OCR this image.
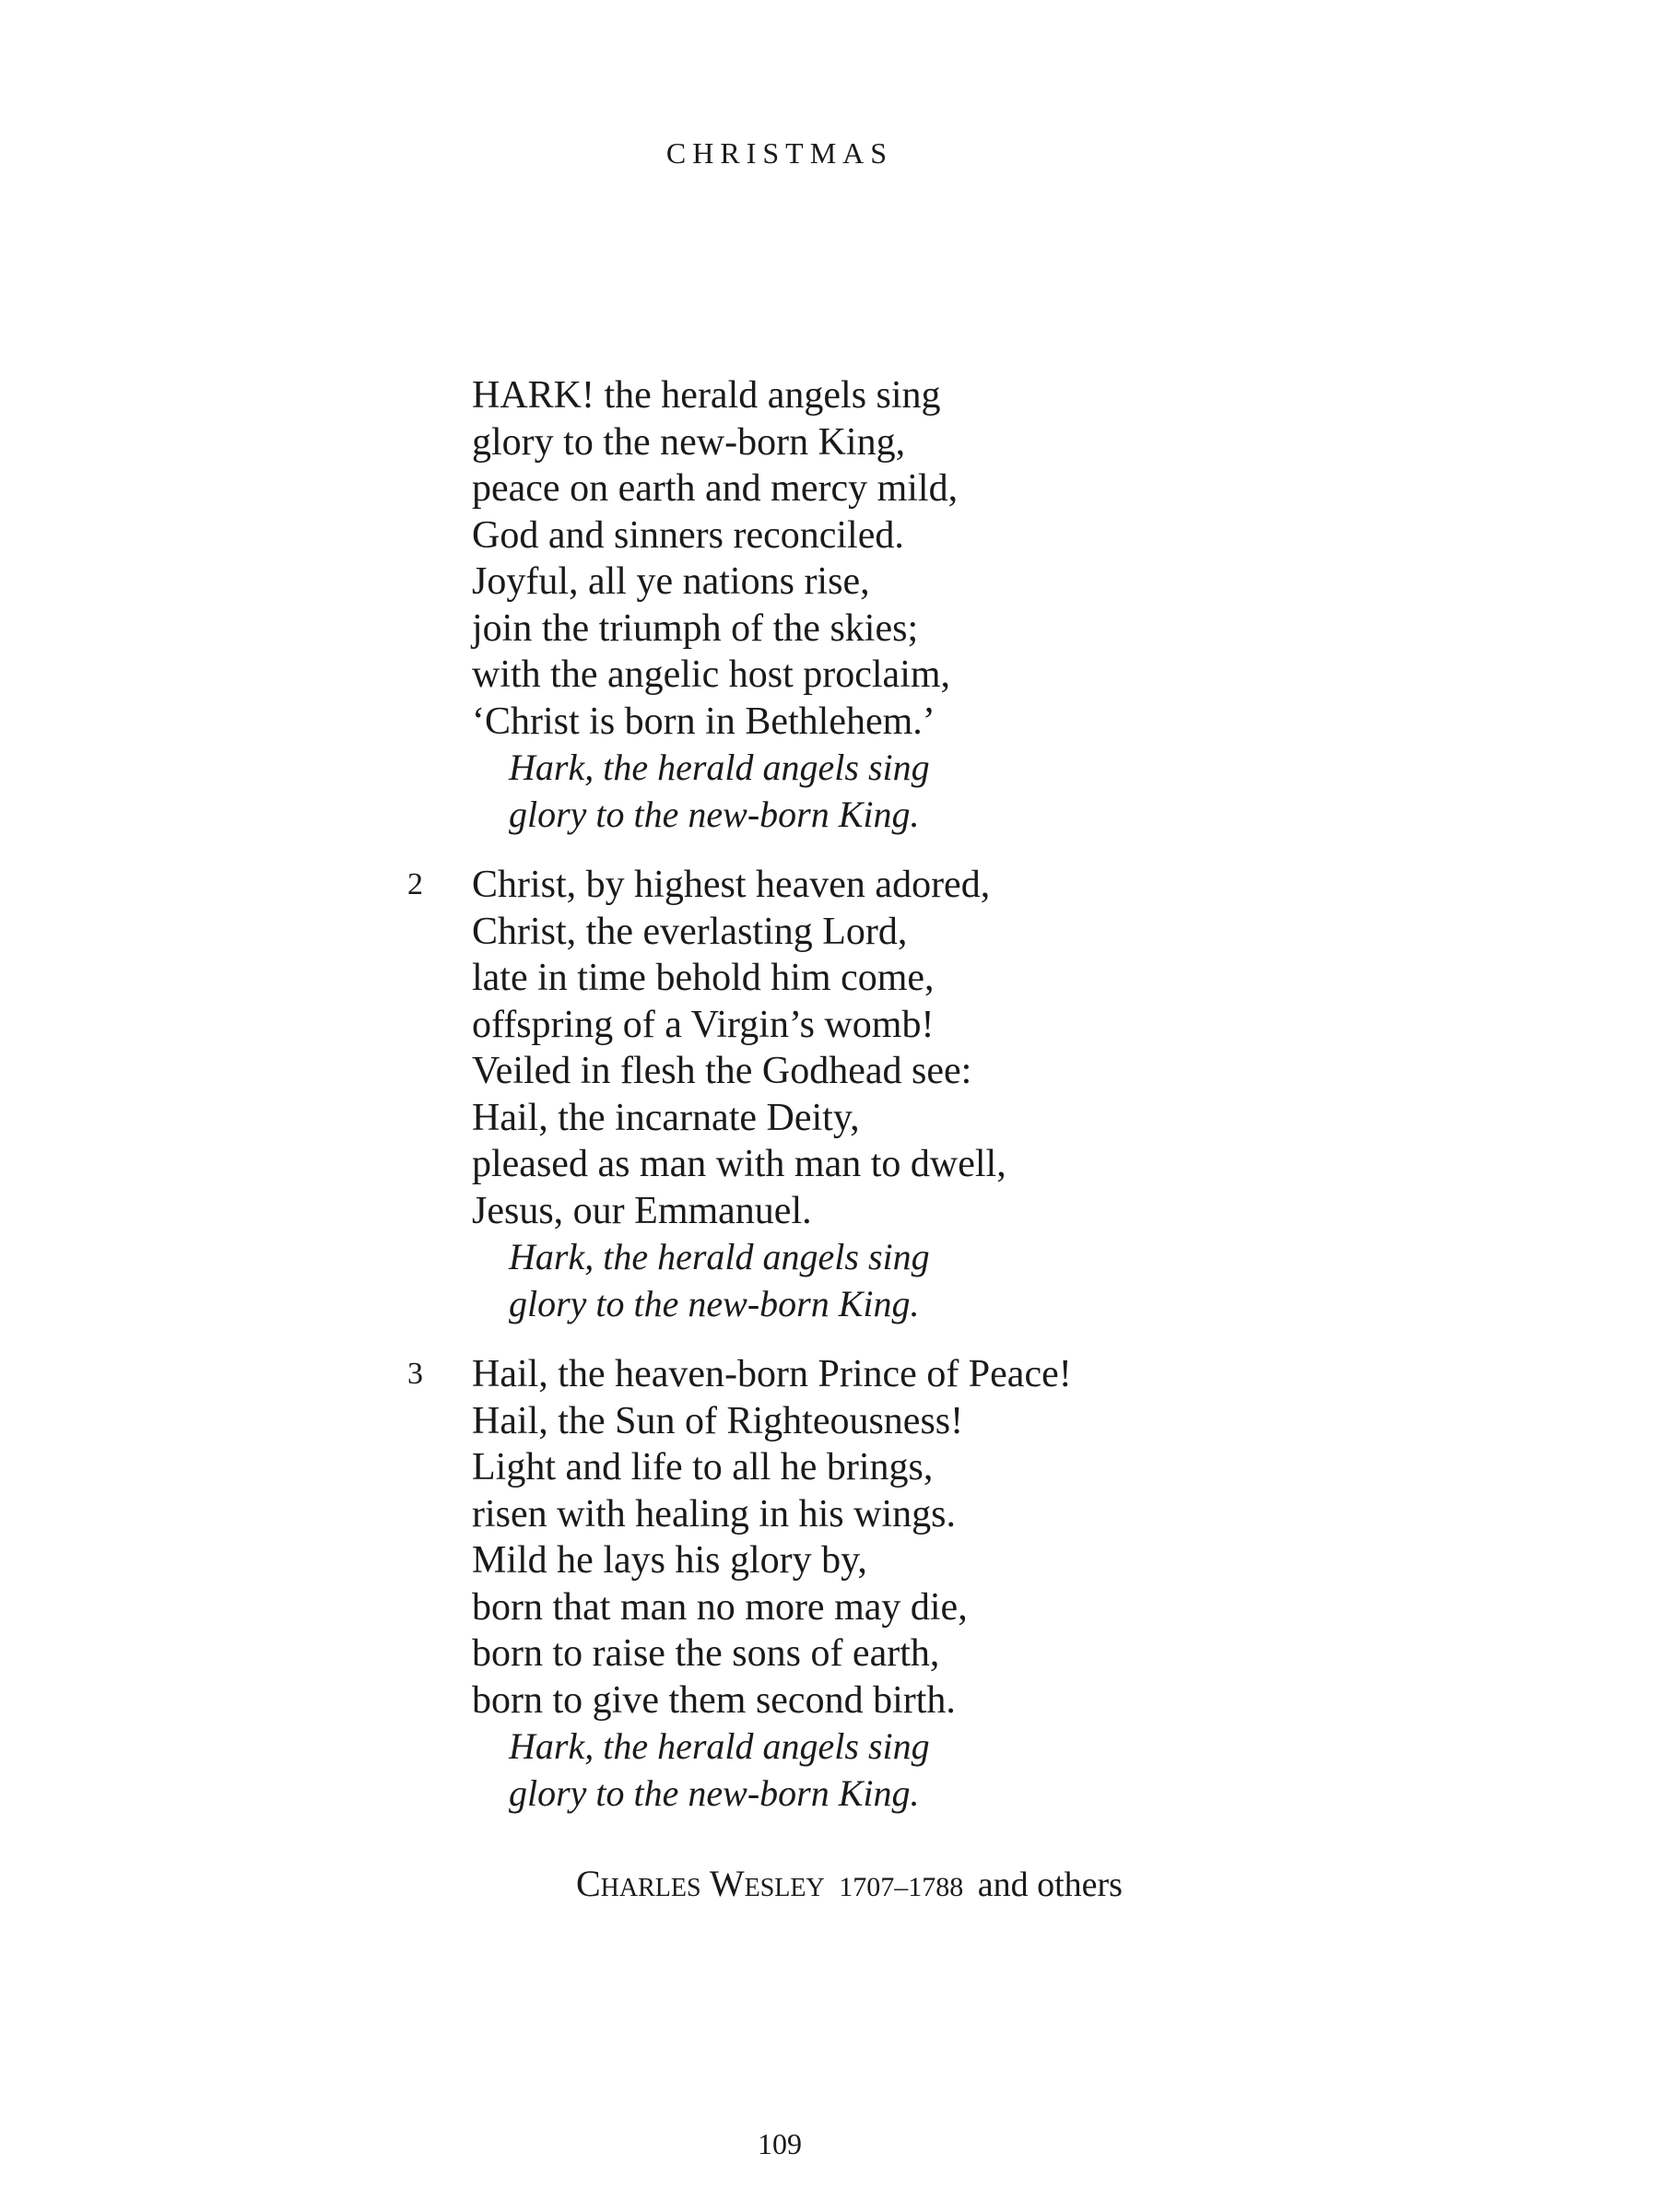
CHRISTMAS
HARK! the herald angels sing
glory to the new-born King,
peace on earth and mercy mild,
God and sinners reconciled.
Joyful, all ye nations rise,
join the triumph of the skies;
with the angelic host proclaim,
‘Christ is born in Bethlehem.’
Hark, the herald angels sing
glory to the new-born King.
2	Christ, by highest heaven adored,
Christ, the everlasting Lord,
late in time behold him come,
offspring of a Virgin’s womb!
Veiled in flesh the Godhead see:
Hail, the incarnate Deity,
pleased as man with man to dwell,
Jesus, our Emmanuel.
Hark, the herald angels sing
glory to the new-born King.
3	Hail, the heaven-born Prince of Peace!
Hail, the Sun of Righteousness!
Light and life to all he brings,
risen with healing in his wings.
Mild he lays his glory by,
born that man no more may die,
born to raise the sons of earth,
born to give them second birth.
Hark, the herald angels sing
glory to the new-born King.
Charles Wesley 1707–1788 and others
109
